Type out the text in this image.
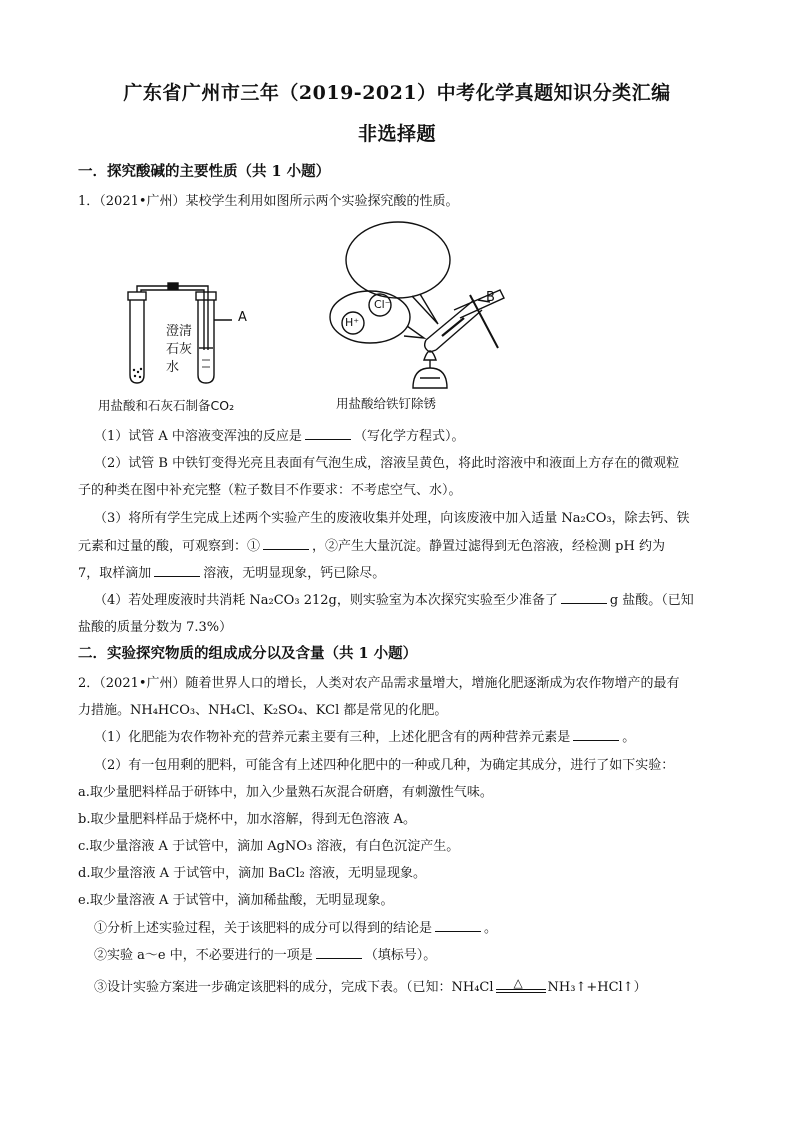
广东省广州市三年（2019-2021）中考化学真题知识分类汇编
非选择题
一．探究酸碱的主要性质（共 1 小题）
1．（2021•广州）某校学生利用如图所示两个实验探究酸的性质。
A
澄清
石灰
水
B
Cl⁻
H⁺
用盐酸和石灰石制备CO₂	用盐酸给铁钉除锈
（1）试管 A 中溶液变浑浊的反应是	（写化学方程式）。
（2）试管 B 中铁钉变得光亮且表面有气泡生成，溶液呈黄色，将此时溶液中和液面上方存在的微观粒
子的种类在图中补充完整（粒子数目不作要求：不考虑空气、水）。
（3）将所有学生完成上述两个实验产生的废液收集并处理，向该废液中加入适量 Na₂CO₃，除去钙、铁
元素和过量的酸，可观察到：①	，②产生大量沉淀。静置过滤得到无色溶液，经检测 pH 约为
7，取样滴加	溶液，无明显现象，钙已除尽。
（4）若处理废液时共消耗 Na₂CO₃ 212g，则实验室为本次探究实验至少准备了	g 盐酸。（已知
盐酸的质量分数为 7.3%）
二．实验探究物质的组成成分以及含量（共 1 小题）
2．（2021•广州）随着世界人口的增长，人类对农产品需求量增大，增施化肥逐渐成为农作物增产的最有
力措施。NH₄HCO₃、NH₄Cl、K₂SO₄、KCl 都是常见的化肥。
（1）化肥能为农作物补充的营养元素主要有三种，上述化肥含有的两种营养元素是	。
（2）有一包用剩的肥料，可能含有上述四种化肥中的一种或几种，为确定其成分，进行了如下实验：
a.取少量肥料样品于研钵中，加入少量熟石灰混合研磨，有刺激性气味。
b.取少量肥料样品于烧杯中，加水溶解，得到无色溶液 A。
c.取少量溶液 A 于试管中，滴加 AgNO₃ 溶液，有白色沉淀产生。
d.取少量溶液 A 于试管中，滴加 BaCl₂ 溶液，无明显现象。
e.取少量溶液 A 于试管中，滴加稀盐酸，无明显现象。
①分析上述实验过程，关于该肥料的成分可以得到的结论是	。
②实验 a～e 中，不必要进行的一项是	（填标号）。
③设计实验方案进一步确定该肥料的成分，完成下表。（已知：NH₄Cl △ NH₃↑+HCl↑）
